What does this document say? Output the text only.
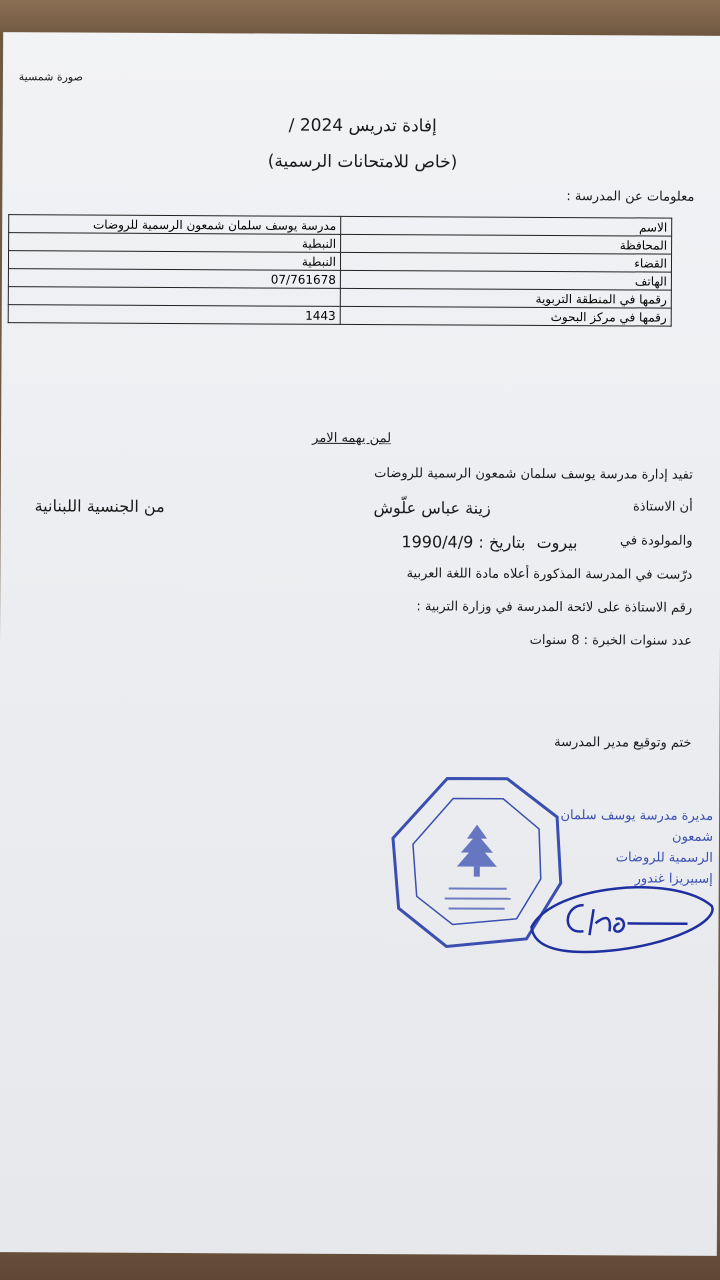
صورة شمسية
إفادة تدريس 2024 /
(خاص للامتحانات الرسمية)
معلومات عن المدرسة :
الاسم	مدرسة يوسف سلمان شمعون الرسمية للروضات
المحافظة	النبطية
القضاء	النبطية
الهاتف	07/761678
رقمها في المنطقة التربوية	
رقمها في مركز البحوث	1443
لمن يهمه الامر
تفيد إدارة مدرسة يوسف سلمان شمعون الرسمية للروضات
أن الاستاذة
زينة عباس علّوش
من الجنسية اللبنانية
والمولودة في
بيروت
بتاريخ : 1990/4/9
درّست في المدرسة المذكورة أعلاه مادة اللغة العربية
رقم الاستاذة على لائحة المدرسة في وزارة التربية :
عدد سنوات الخبرة : 8 سنوات
ختم وتوقيع مدير المدرسة
مديرة مدرسة يوسف سلمان شمعون
الرسمية للروضات
إسبيريزا غندور
